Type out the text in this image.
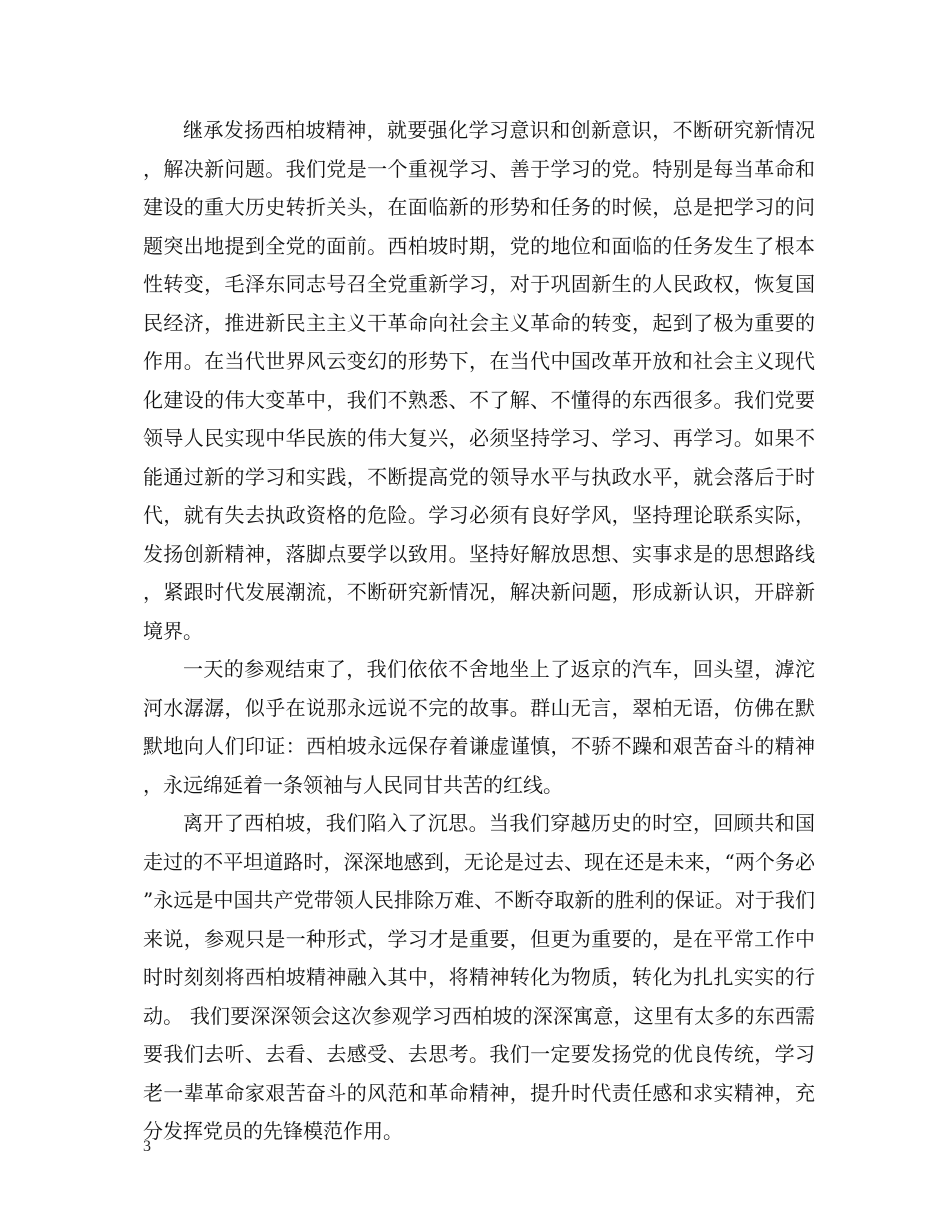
继承发扬西柏坡精神，就要强化学习意识和创新意识，不断研究新情况，解决新问题。我们党是一个重视学习、善于学习的党。特别是每当革命和建设的重大历史转折关头，在面临新的形势和任务的时候，总是把学习的问题突出地提到全党的面前。西柏坡时期，党的地位和面临的任务发生了根本性转变，毛泽东同志号召全党重新学习，对于巩固新生的人民政权，恢复国民经济，推进新民主主义干革命向社会主义革命的转变，起到了极为重要的作用。在当代世界风云变幻的形势下，在当代中国改革开放和社会主义现代化建设的伟大变革中，我们不熟悉、不了解、不懂得的东西很多。我们党要领导人民实现中华民族的伟大复兴，必须坚持学习、学习、再学习。如果不能通过新的学习和实践，不断提高党的领导水平与执政水平，就会落后于时代，就有失去执政资格的危险。学习必须有良好学风，坚持理论联系实际，发扬创新精神，落脚点要学以致用。坚持好解放思想、实事求是的思想路线，紧跟时代发展潮流，不断研究新情况，解决新问题，形成新认识，开辟新境界。

一天的参观结束了，我们依依不舍地坐上了返京的汽车，回头望，滹沱河水潺潺，似乎在说那永远说不完的故事。群山无言，翠柏无语，仿佛在默默地向人们印证：西柏坡永远保存着谦虚谨慎，不骄不躁和艰苦奋斗的精神，永远绵延着一条领袖与人民同甘共苦的红线。

离开了西柏坡，我们陷入了沉思。当我们穿越历史的时空，回顾共和国走过的不平坦道路时，深深地感到，无论是过去、现在还是未来，“两个务必”永远是中国共产党带领人民排除万难、不断夺取新的胜利的保证。对于我们来说，参观只是一种形式，学习才是重要，但更为重要的，是在平常工作中时时刻刻将西柏坡精神融入其中，将精神转化为物质，转化为扎扎实实的行动。 我们要深深领会这次参观学习西柏坡的深深寓意，这里有太多的东西需要我们去听、去看、去感受、去思考。我们一定要发扬党的优良传统，学习老一辈革命家艰苦奋斗的风范和革命精神，提升时代责任感和求实精神，充分发挥党员的先锋模范作用。

3
